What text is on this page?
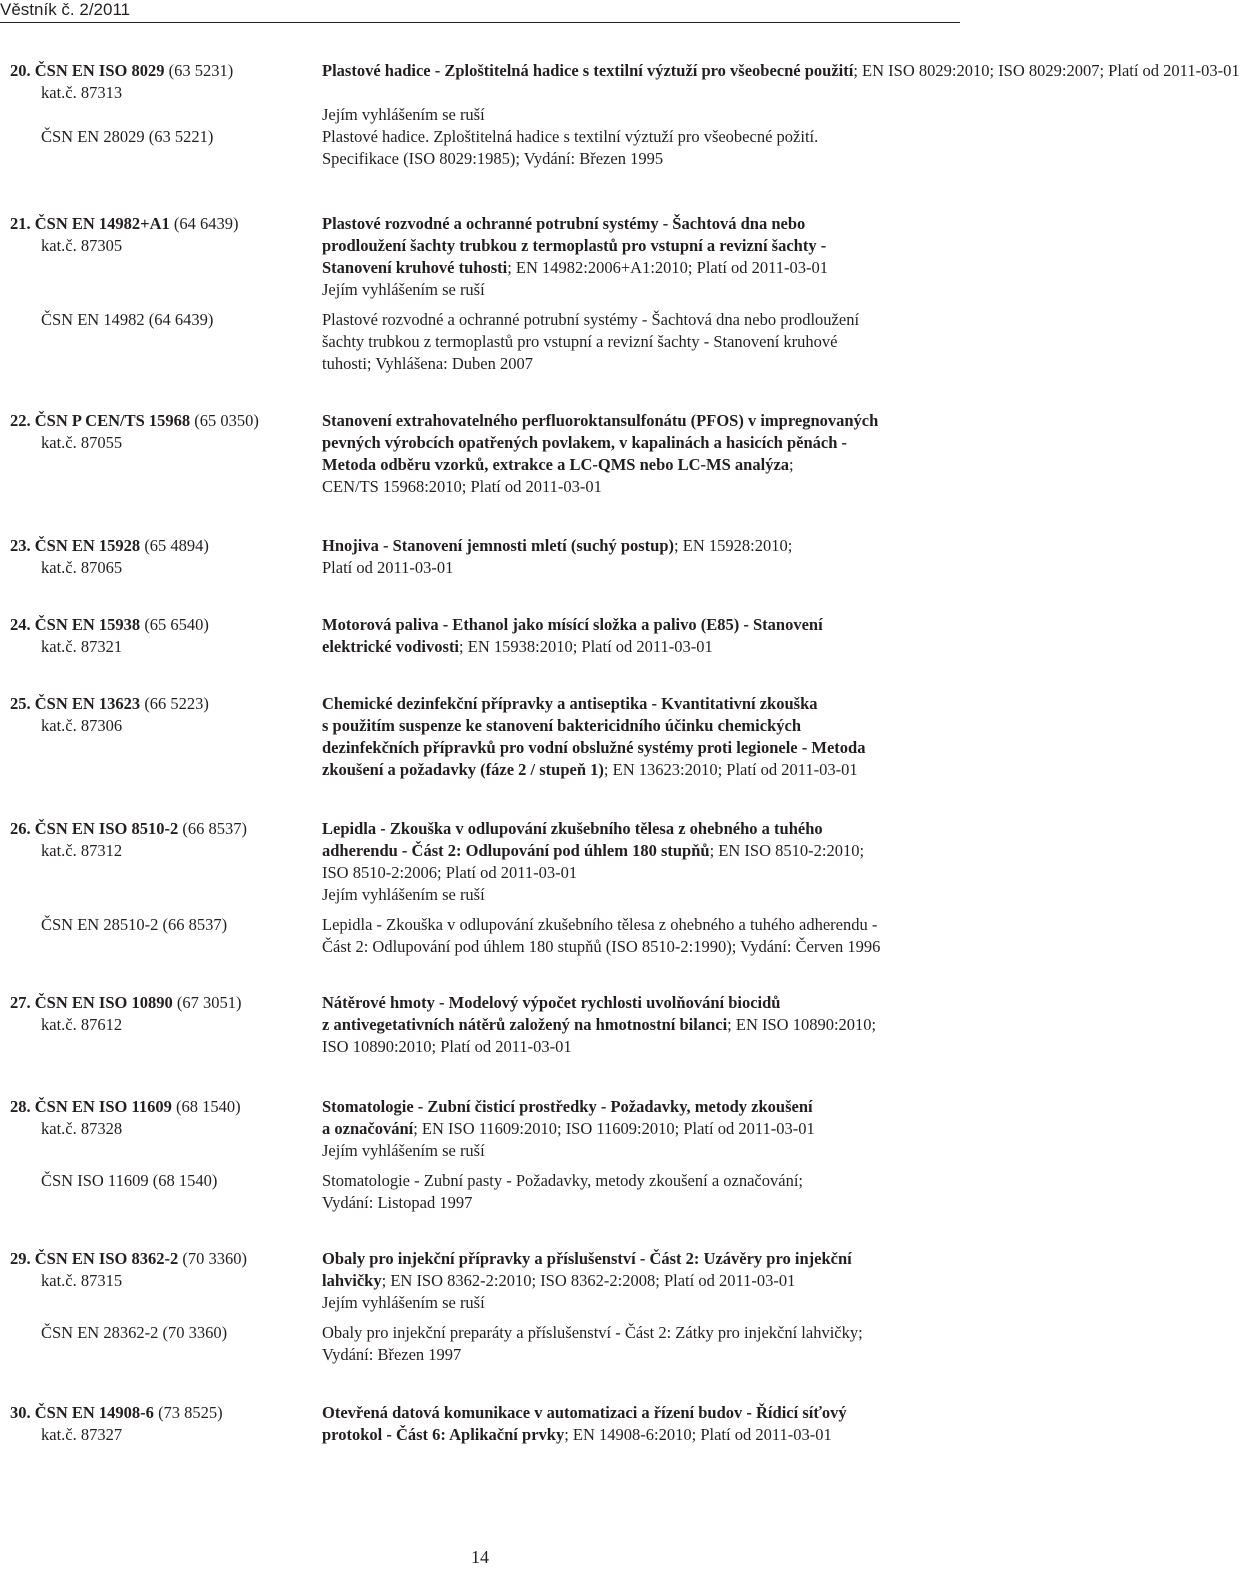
Věstník č. 2/2011
20. ČSN EN ISO 8029 (63 5231)	Plastové hadice - Zploštitelná hadice s textilní výztuží pro všeobecné použití; EN ISO 8029:2010; ISO 8029:2007; Platí od 2011-03-01
kat.č. 87313
Jejím vyhlášením se ruší
ČSN EN 28029 (63 5221)	Plastové hadice. Zploštitelná hadice s textilní výztuží pro všeobecné požití.
Specifikace (ISO 8029:1985); Vydání: Březen 1995
21. ČSN EN 14982+A1 (64 6439)	Plastové rozvodné a ochranné potrubní systémy - Šachtová dna nebo
kat.č. 87305	prodloužení šachty trubkou z termoplastů pro vstupní a revizní šachty -
Stanovení kruhové tuhosti; EN 14982:2006+A1:2010; Platí od 2011-03-01
Jejím vyhlášením se ruší
ČSN EN 14982 (64 6439)	Plastové rozvodné a ochranné potrubní systémy - Šachtová dna nebo prodloužení
šachty trubkou z termoplastů pro vstupní a revizní šachty - Stanovení kruhové
tuhosti; Vyhlášena: Duben 2007
22. ČSN P CEN/TS 15968 (65 0350)	Stanovení extrahovatelného perfluoroktansulfonátu (PFOS) v impregnovaných
kat.č. 87055	pevných výrobcích opatřených povlakem, v kapalinách a hasicích pěnách -
Metoda odběru vzorků, extrakce a LC-QMS nebo LC-MS analýza;
CEN/TS 15968:2010; Platí od 2011-03-01
23. ČSN EN 15928 (65 4894)	Hnojiva - Stanovení jemnosti mletí (suchý postup); EN 15928:2010;
kat.č. 87065	Platí od 2011-03-01
24. ČSN EN 15938 (65 6540)	Motorová paliva - Ethanol jako mísící složka a palivo (E85) - Stanovení
kat.č. 87321	elektrické vodivosti; EN 15938:2010; Platí od 2011-03-01
25. ČSN EN 13623 (66 5223)	Chemické dezinfekční přípravky a antiseptika - Kvantitativní zkouška
kat.č. 87306	s použitím suspenze ke stanovení baktericidního účinku chemických
dezinfekčních přípravků pro vodní obslužné systémy proti legionele - Metoda
zkoušení a požadavky (fáze 2 / stupeň 1); EN 13623:2010; Platí od 2011-03-01
26. ČSN EN ISO 8510-2 (66 8537)	Lepidla - Zkouška v odlupování zkušebního tělesa z ohebného a tuhého
kat.č. 87312	adherendu - Část 2: Odlupování pod úhlem 180 stupňů; EN ISO 8510-2:2010;
ISO 8510-2:2006; Platí od 2011-03-01
Jejím vyhlášením se ruší
ČSN EN 28510-2 (66 8537)	Lepidla - Zkouška v odlupování zkušebního tělesa z ohebného a tuhého adherendu -
Část 2: Odlupování pod úhlem 180 stupňů (ISO 8510-2:1990); Vydání: Červen 1996
27. ČSN EN ISO 10890 (67 3051)	Nátěrové hmoty - Modelový výpočet rychlosti uvolňování biocidů
kat.č. 87612	z antivegetativních nátěrů založený na hmotnostní bilanci; EN ISO 10890:2010;
ISO 10890:2010; Platí od 2011-03-01
28. ČSN EN ISO 11609 (68 1540)	Stomatologie - Zubní čisticí prostředky - Požadavky, metody zkoušení
kat.č. 87328	a označování; EN ISO 11609:2010; ISO 11609:2010; Platí od 2011-03-01
Jejím vyhlášením se ruší
ČSN ISO 11609 (68 1540)	Stomatologie - Zubní pasty - Požadavky, metody zkoušení a označování;
Vydání: Listopad 1997
29. ČSN EN ISO 8362-2 (70 3360)	Obaly pro injekční přípravky a příslušenství - Část 2: Uzávěry pro injekční
kat.č. 87315	lahvičky; EN ISO 8362-2:2010; ISO 8362-2:2008; Platí od 2011-03-01
Jejím vyhlášením se ruší
ČSN EN 28362-2 (70 3360)	Obaly pro injekční preparáty a příslušenství - Část 2: Zátky pro injekční lahvičky;
Vydání: Březen 1997
30. ČSN EN 14908-6 (73 8525)	Otevřená datová komunikace v automatizaci a řízení budov - Řídicí síťový
kat.č. 87327	protokol - Část 6: Aplikační prvky; EN 14908-6:2010; Platí od 2011-03-01
14
